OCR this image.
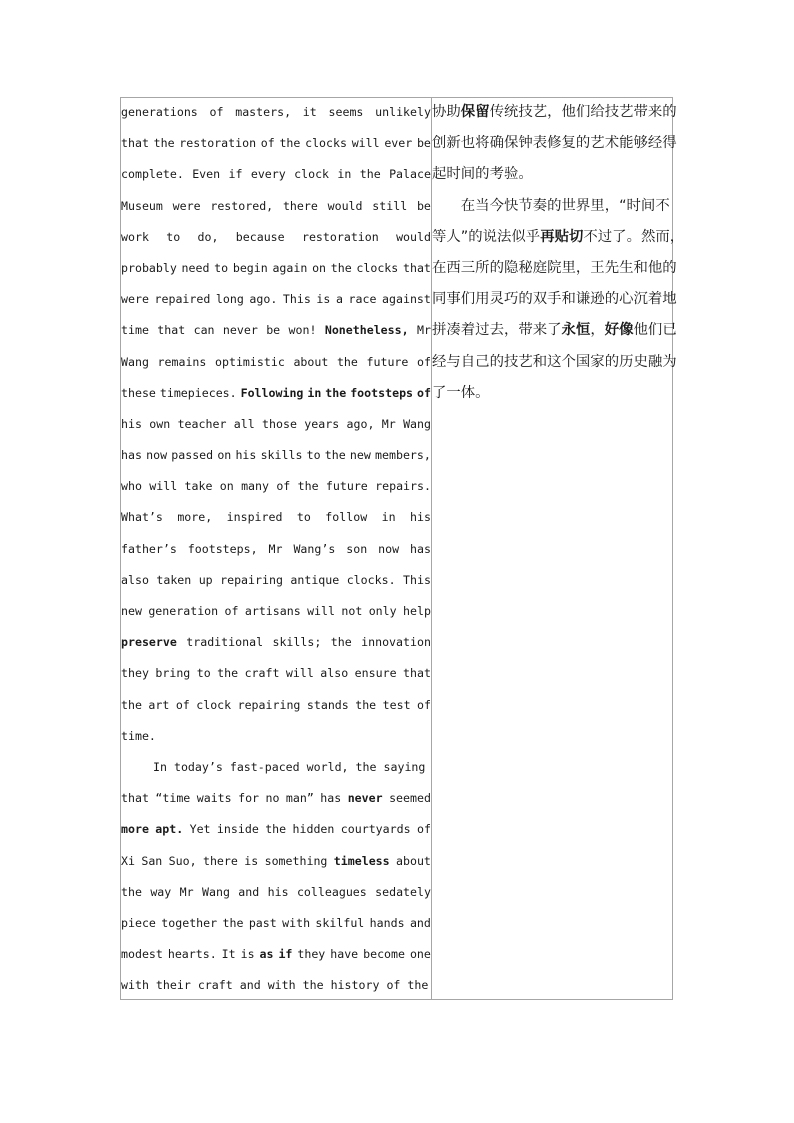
generations of masters, it seems unlikely
that the restoration of the clocks will ever be
complete. Even if every clock in the Palace
Museum were restored, there would still be
work to do, because restoration would
probably need to begin again on the clocks that
were repaired long ago. This is a race against
time that can never be won! Nonetheless, Mr
Wang remains optimistic about the future of
these timepieces. Following in the footsteps of
his own teacher all those years ago, Mr Wang
has now passed on his skills to the new members,
who will take on many of the future repairs.
What’s more, inspired to follow in his
father’s footsteps, Mr Wang’s son now has
also taken up repairing antique clocks. This
new generation of artisans will not only help
preserve traditional skills; the innovation
they bring to the craft will also ensure that
the art of clock repairing stands the test of
time.
In today’s fast-paced world, the saying
that “time waits for no man” has never seemed
more apt. Yet inside the hidden courtyards of
Xi San Suo, there is something timeless about
the way Mr Wang and his colleagues sedately
piece together the past with skilful hands and
modest hearts. It is as if they have become one
with their craft and with the history of the
协助保留传统技艺，他们给技艺带来的
创新也将确保钟表修复的艺术能够经得
起时间的考验。
　　在当今快节奏的世界里，“时间不
等人”的说法似乎再贴切不过了。然而，
在西三所的隐秘庭院里，王先生和他的
同事们用灵巧的双手和谦逊的心沉着地
拼凑着过去，带来了永恒，好像他们已
经与自己的技艺和这个国家的历史融为
了一体。
